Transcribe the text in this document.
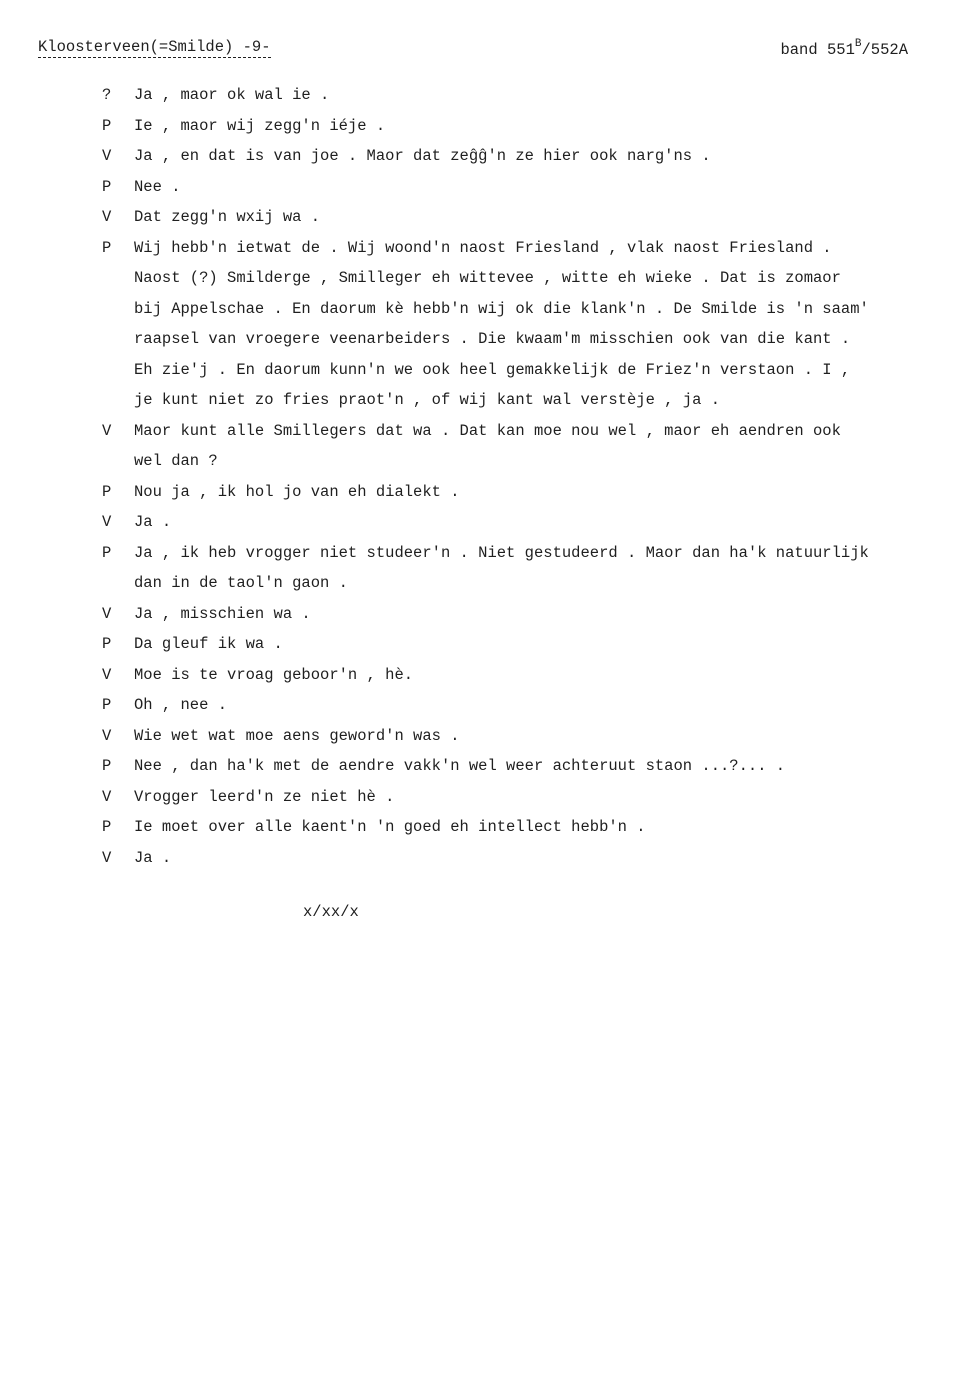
Kloosterveen(=Smilde) -9-	band $551^B/552A$
?	Ja , maor ok wal ie .
P	Ie , maor wij zegg'n iéje .
V	Ja , en dat is van joe . Maor dat zeĝĝ'n ze hier ook narg'ns .
P	Nee .
V	Dat zegg'n wxij wa .
P	Wij hebb'n ietwat de . Wij woond'n naost Friesland , vlak naost Friesland .
Naost (?) Smilderge , Smilleger eh wittevee , witte eh wieke . Dat is zomaor
bij Appelschae . En daorum kè hebb'n wij ok die klank'n . De Smilde is 'n saam'
raapsel van vroegere veenarbeiders . Die kwaam'm misschien ook van die kant .
Eh zie'j . En daorum kunn'n we ook heel gemakkelijk de Friez'n verstaon . I ,
je kunt niet zo fries praot'n , of wij kant wal verstèje , ja .
V	Maor kunt alle Smillegers dat wa . Dat kan moe nou wel , maor eh aendren ook
wel dan ?
P	Nou ja , ik hol jo van eh dialekt .
V	Ja .
P	Ja , ik heb vrogger niet studeer'n . Niet gestudeerd . Maor dan ha'k natuurlijk
dan in de taol'n gaon .
V	Ja , misschien wa .
P	Da gleuf ik wa .
V	Moe is te vroag geboor'n , hè.
P	Oh , nee .
V	Wie wet wat moe aens geword'n was .
P	Nee , dan ha'k met de aendre vakk'n wel weer achteruut staon ...?... .
V	Vrogger leerd'n ze niet hè .
P	Ie moet over alle kaent'n 'n goed eh intellect hebb'n .
V	Ja .
x/xx/x
